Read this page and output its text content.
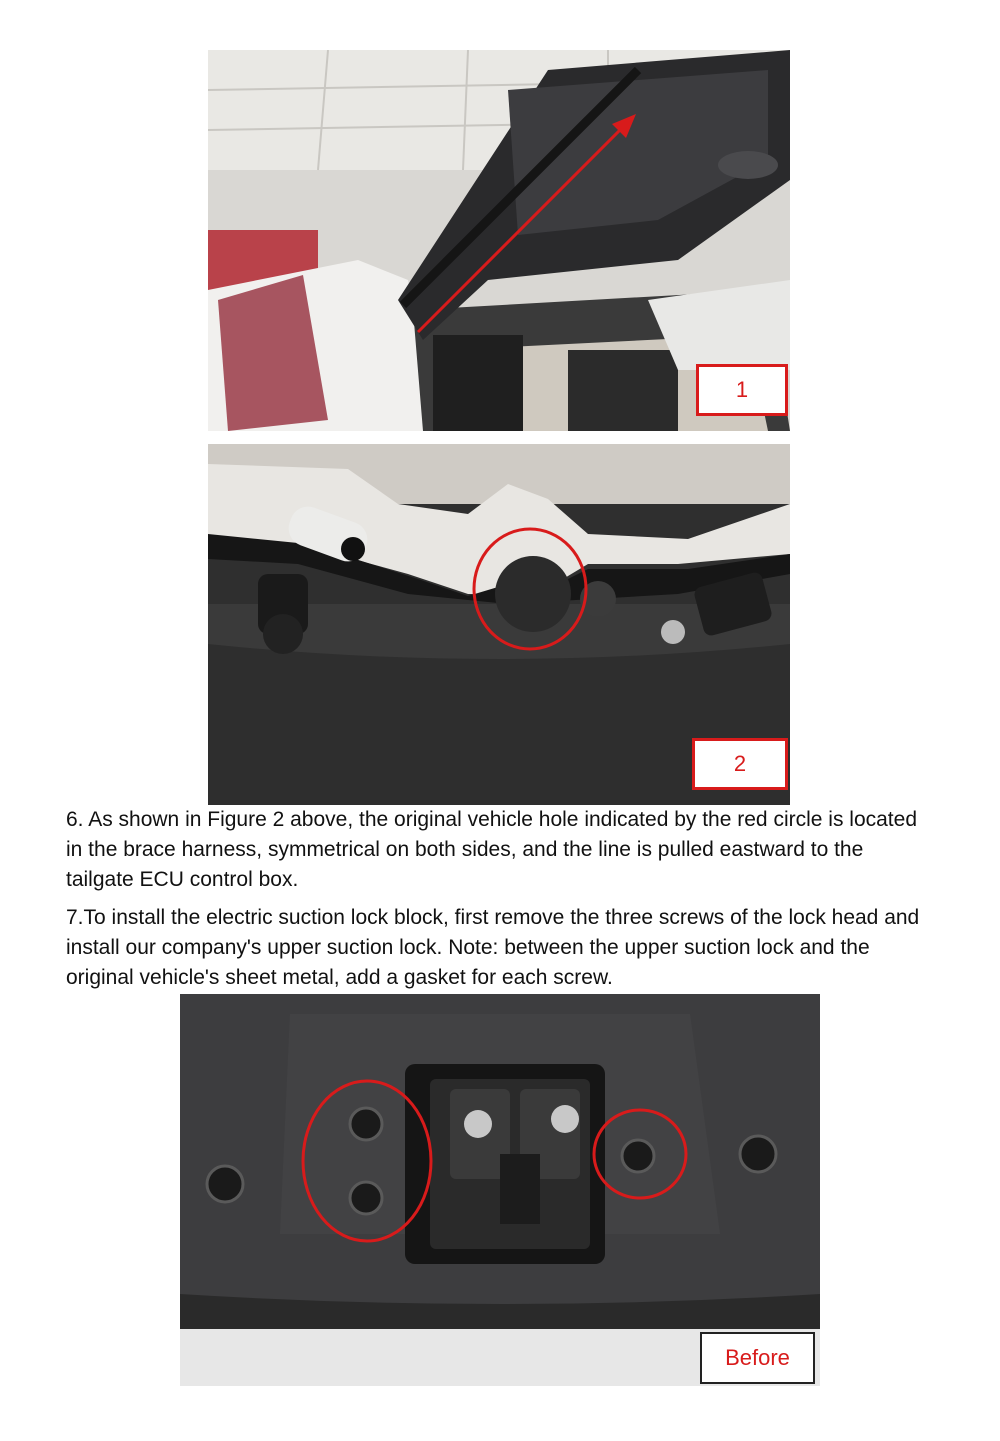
1
2

6. As shown in Figure 2 above, the original vehicle hole indicated by the red circle is located in the brace harness, symmetrical on both sides, and the line is pulled eastward to the tailgate ECU control box.

7.To install the electric suction lock block, first remove the three screws of the lock head and install our company's upper suction lock. Note: between the upper suction lock and the original vehicle's sheet metal, add a gasket for each screw.

Before
